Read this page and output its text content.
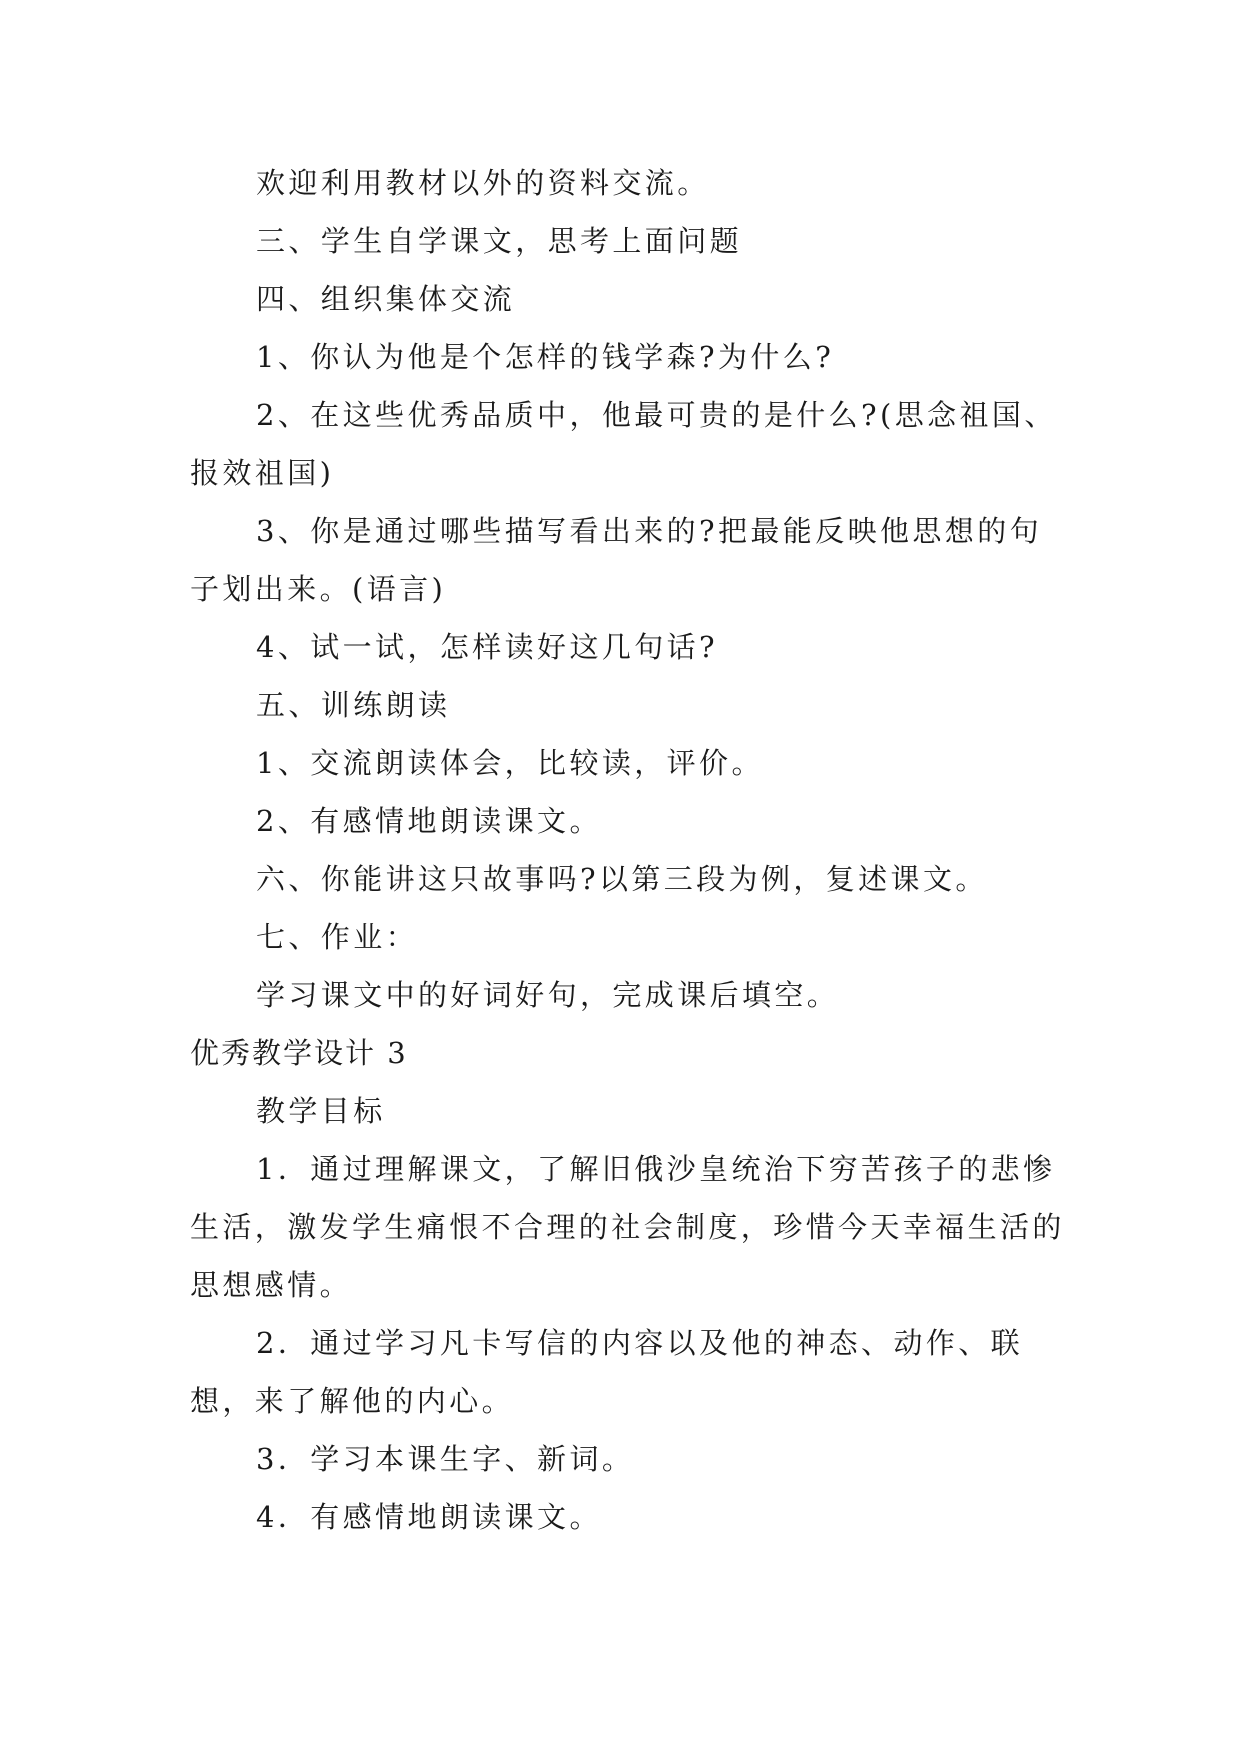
欢迎利用教材以外的资料交流。

三、学生自学课文，思考上面问题

四、组织集体交流

1、你认为他是个怎样的钱学森?为什么?

2、在这些优秀品质中，他最可贵的是什么?(思念祖国、报效祖国)

3、你是通过哪些描写看出来的?把最能反映他思想的句子划出来。(语言)

4、试一试，怎样读好这几句话?

五、训练朗读

1、交流朗读体会，比较读，评价。

2、有感情地朗读课文。

六、你能讲这只故事吗?以第三段为例，复述课文。

七、作业：

学习课文中的好词好句，完成课后填空。

优秀教学设计 3

教学目标

1．通过理解课文，了解旧俄沙皇统治下穷苦孩子的悲惨生活，激发学生痛恨不合理的社会制度，珍惜今天幸福生活的思想感情。

2．通过学习凡卡写信的内容以及他的神态、动作、联想，来了解他的内心。

3．学习本课生字、新词。

4．有感情地朗读课文。
